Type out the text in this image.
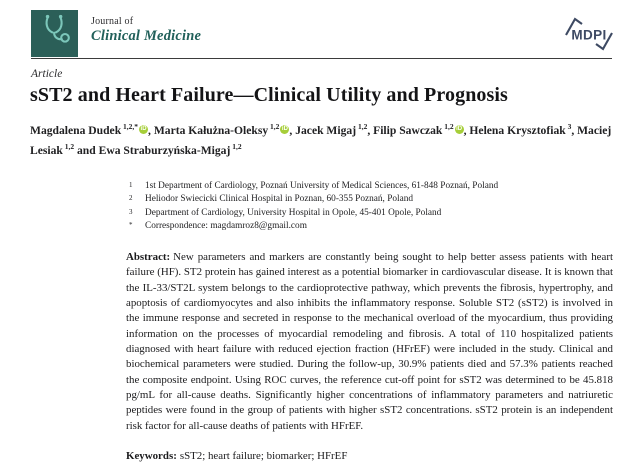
Journal of
Clinical Medicine	MDPI
Article
sST2 and Heart Failure—Clinical Utility and Prognosis
Magdalena Dudek $^{1,2,*}$ iD , Marta Kałużna-Oleksy $^{1,2}$ iD , Jacek Migaj $^{1,2}$, Filip Sawczak $^{1,2}$ iD , Helena Krysztofiak $^3$, Maciej Lesiak $^{1,2}$ and Ewa Straburzyńska-Migaj $^{1,2}$
1	1st Department of Cardiology, Poznań University of Medical Sciences, 61-848 Poznań, Poland
2	Heliodor Swiecicki Clinical Hospital in Poznan, 60-355 Poznań, Poland
3	Department of Cardiology, University Hospital in Opole, 45-401 Opole, Poland
*	Correspondence: magdamroz8@gmail.com

Abstract: New parameters and markers are constantly being sought to help better assess patients with heart failure (HF). ST2 protein has gained interest as a potential biomarker in cardiovascular disease. It is known that the IL-33/ST2L system belongs to the cardioprotective pathway, which prevents the fibrosis, hypertrophy, and apoptosis of cardiomyocytes and also inhibits the inflammatory response. Soluble ST2 (sST2) is involved in the immune response and secreted in response to the mechanical overload of the myocardium, thus providing information on the processes of myocardial remodeling and fibrosis. A total of 110 hospitalized patients diagnosed with heart failure with reduced ejection fraction (HFrEF) were included in the study. Clinical and biochemical parameters were studied. During the follow-up, 30.9% patients died and 57.3% patients reached the composite endpoint. Using ROC curves, the reference cut-off point for sST2 was determined to be 45.818 pg/mL for all-cause deaths. Significantly higher concentrations of inflammatory parameters and natriuretic peptides were found in the group of patients with higher sST2 concentrations. sST2 protein is an independent risk factor for all-cause deaths of patients with HFrEF.

Keywords: sST2; heart failure; biomarker; HFrEF
